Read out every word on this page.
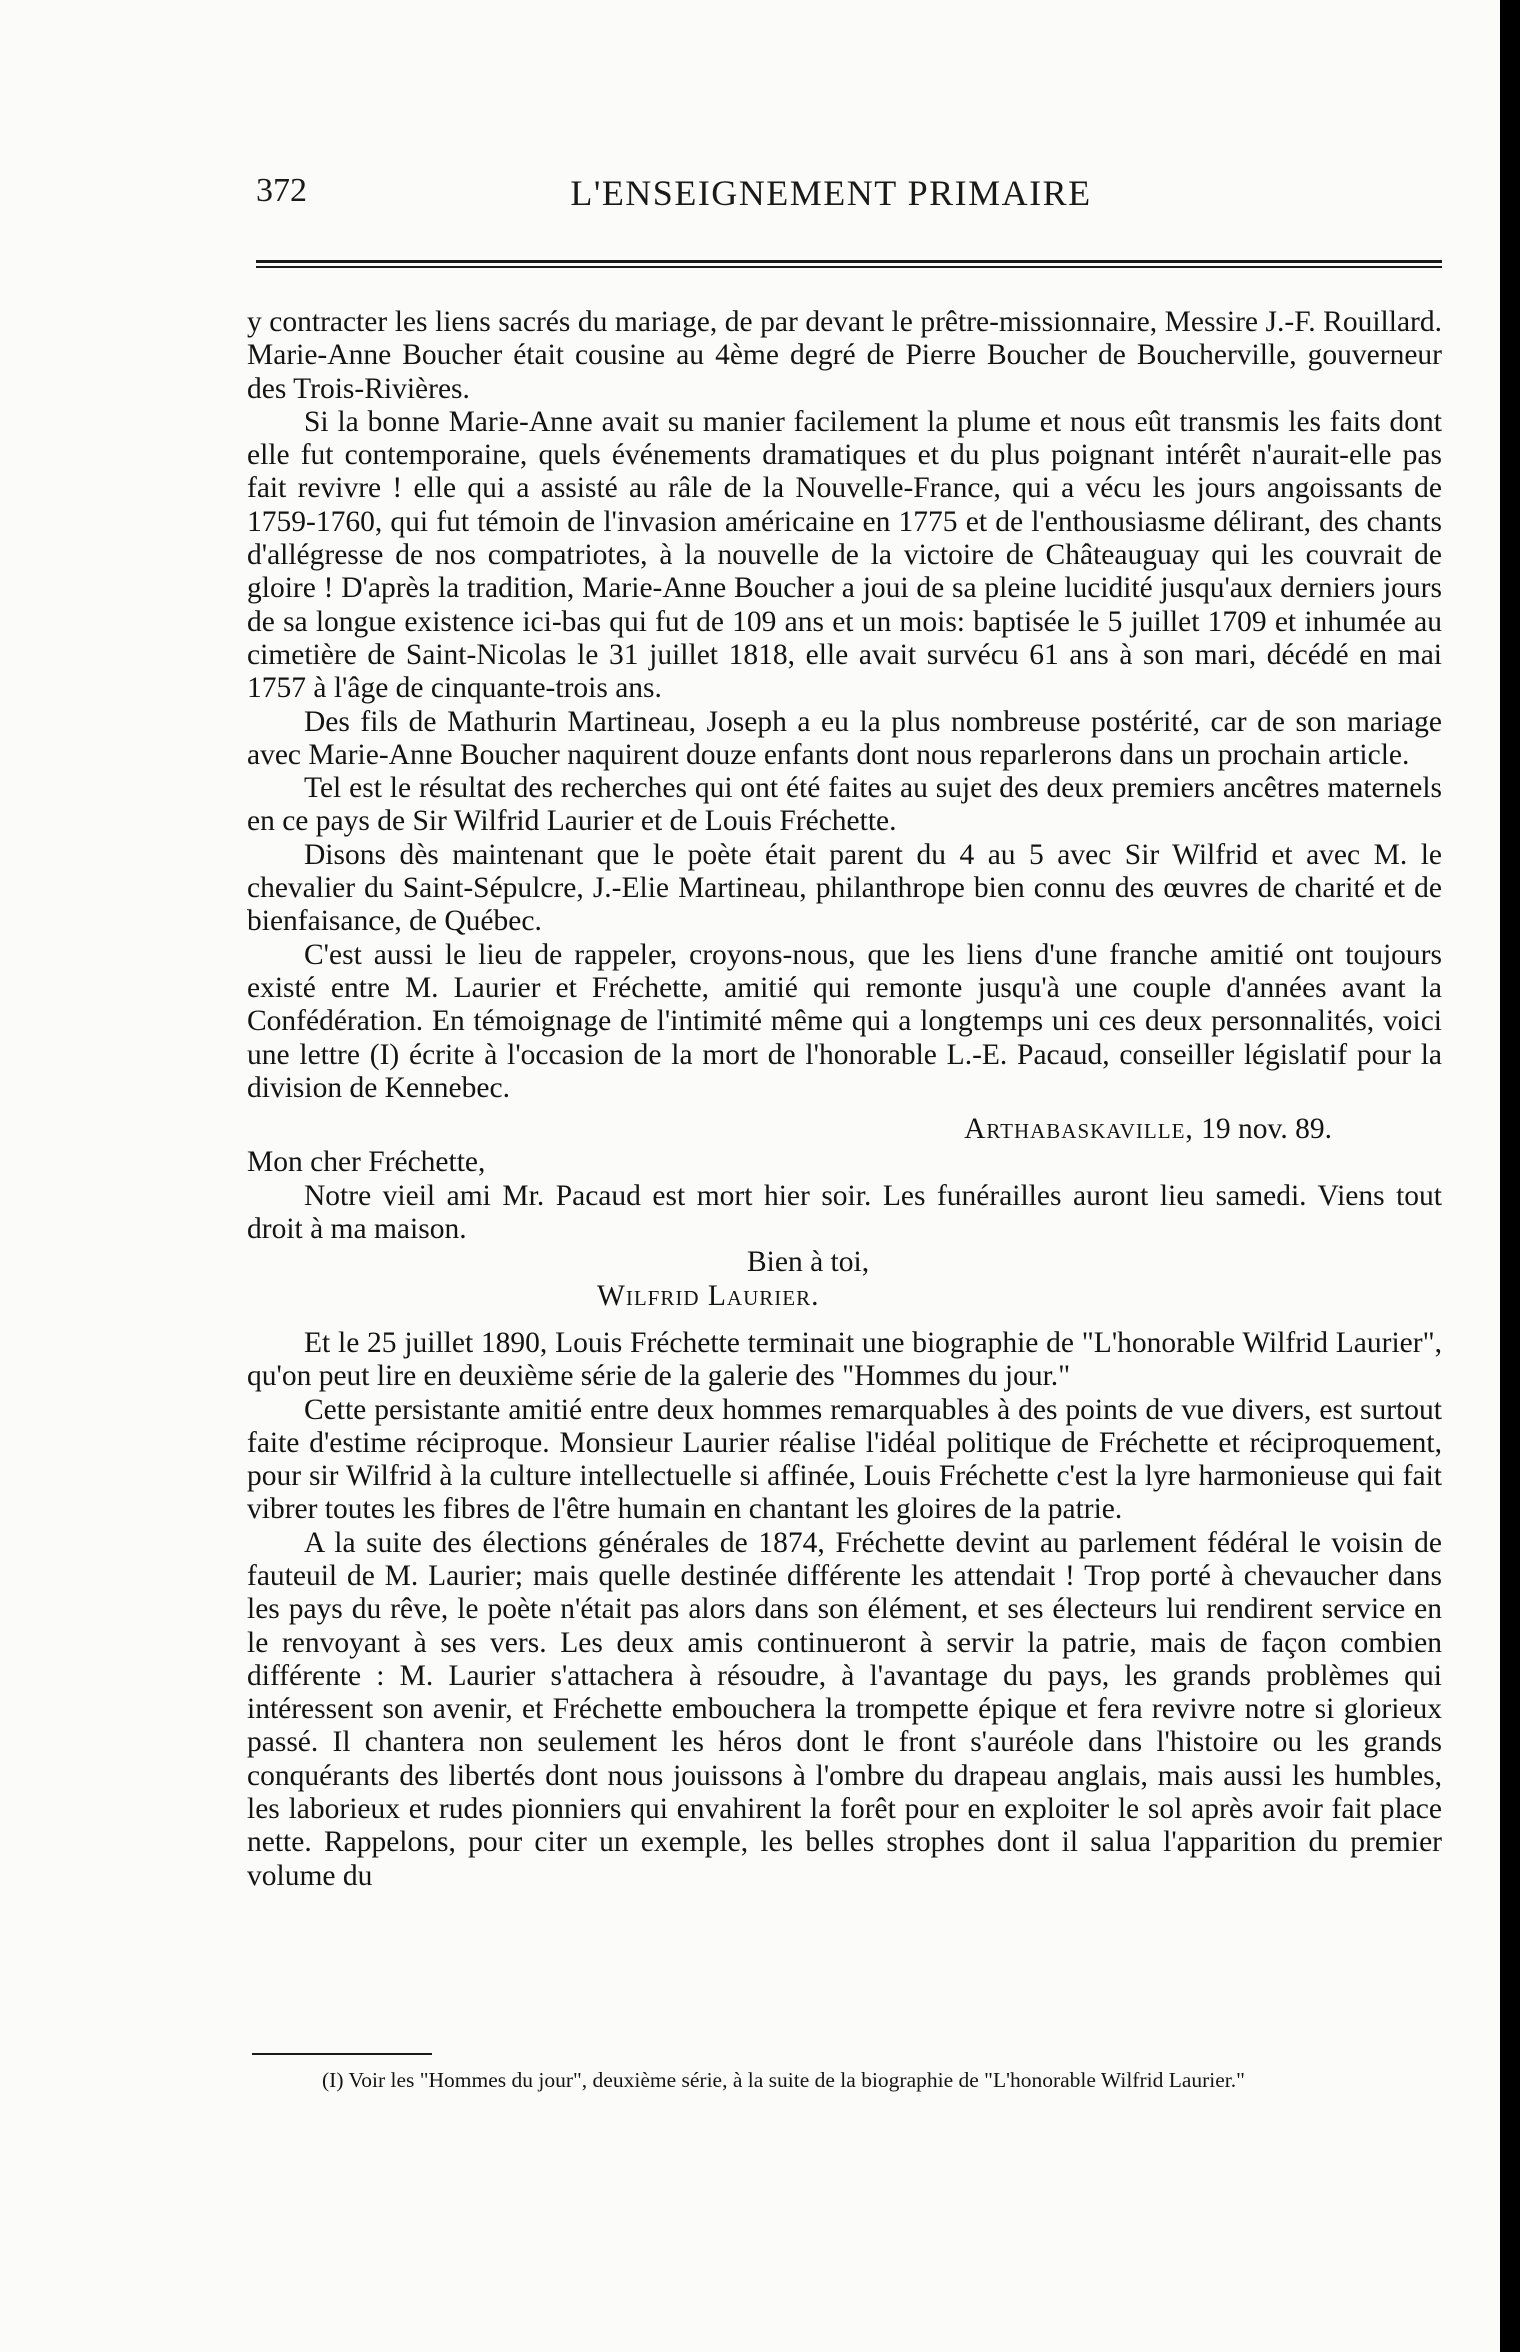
372	L'ENSEIGNEMENT PRIMAIRE

y contracter les liens sacrés du mariage, de par devant le prêtre-missionnaire, Messire J.-F. Rouillard. Marie-Anne Boucher était cousine au 4ème degré de Pierre Boucher de Boucherville, gouverneur des Trois-Rivières.

Si la bonne Marie-Anne avait su manier facilement la plume et nous eût transmis les faits dont elle fut contemporaine, quels événements dramatiques et du plus poignant intérêt n'aurait-elle pas fait revivre ! elle qui a assisté au râle de la Nouvelle-France, qui a vécu les jours angoissants de 1759-1760, qui fut témoin de l'invasion américaine en 1775 et de l'enthousiasme délirant, des chants d'allégresse de nos compatriotes, à la nouvelle de la victoire de Châteauguay qui les couvrait de gloire ! D'après la tradition, Marie-Anne Boucher a joui de sa pleine lucidité jusqu'aux derniers jours de sa longue existence ici-bas qui fut de 109 ans et un mois: baptisée le 5 juillet 1709 et inhumée au cimetière de Saint-Nicolas le 31 juillet 1818, elle avait survécu 61 ans à son mari, décédé en mai 1757 à l'âge de cinquante-trois ans.

Des fils de Mathurin Martineau, Joseph a eu la plus nombreuse postérité, car de son mariage avec Marie-Anne Boucher naquirent douze enfants dont nous reparlerons dans un prochain article.

Tel est le résultat des recherches qui ont été faites au sujet des deux premiers ancêtres maternels en ce pays de Sir Wilfrid Laurier et de Louis Fréchette.

Disons dès maintenant que le poète était parent du 4 au 5 avec Sir Wilfrid et avec M. le chevalier du Saint-Sépulcre, J.-Elie Martineau, philanthrope bien connu des œuvres de charité et de bienfaisance, de Québec.

C'est aussi le lieu de rappeler, croyons-nous, que les liens d'une franche amitié ont toujours existé entre M. Laurier et Fréchette, amitié qui remonte jusqu'à une couple d'années avant la Confédération. En témoignage de l'intimité même qui a longtemps uni ces deux personnalités, voici une lettre (I) écrite à l'occasion de la mort de l'honorable L.-E. Pacaud, conseiller législatif pour la division de Kennebec.

Arthabaskaville, 19 nov. 89.
Mon cher Fréchette,
Notre vieil ami Mr. Pacaud est mort hier soir. Les funérailles auront lieu samedi. Viens tout droit à ma maison.
Bien à toi,
Wilfrid Laurier.

Et le 25 juillet 1890, Louis Fréchette terminait une biographie de "L'honorable Wilfrid Laurier", qu'on peut lire en deuxième série de la galerie des "Hommes du jour."

Cette persistante amitié entre deux hommes remarquables à des points de vue divers, est surtout faite d'estime réciproque. Monsieur Laurier réalise l'idéal politique de Fréchette et réciproquement, pour sir Wilfrid à la culture intellectuelle si affinée, Louis Fréchette c'est la lyre harmonieuse qui fait vibrer toutes les fibres de l'être humain en chantant les gloires de la patrie.

A la suite des élections générales de 1874, Fréchette devint au parlement fédéral le voisin de fauteuil de M. Laurier; mais quelle destinée différente les attendait ! Trop porté à chevaucher dans les pays du rêve, le poète n'était pas alors dans son élément, et ses électeurs lui rendirent service en le renvoyant à ses vers. Les deux amis continueront à servir la patrie, mais de façon combien différente : M. Laurier s'attachera à résoudre, à l'avantage du pays, les grands problèmes qui intéressent son avenir, et Fréchette embouchera la trompette épique et fera revivre notre si glorieux passé. Il chantera non seulement les héros dont le front s'auréole dans l'histoire ou les grands conquérants des libertés dont nous jouissons à l'ombre du drapeau anglais, mais aussi les humbles, les laborieux et rudes pionniers qui envahirent la forêt pour en exploiter le sol après avoir fait place nette. Rappelons, pour citer un exemple, les belles strophes dont il salua l'apparition du premier volume du

(I) Voir les "Hommes du jour", deuxième série, à la suite de la biographie de "L'honorable Wilfrid Laurier."
